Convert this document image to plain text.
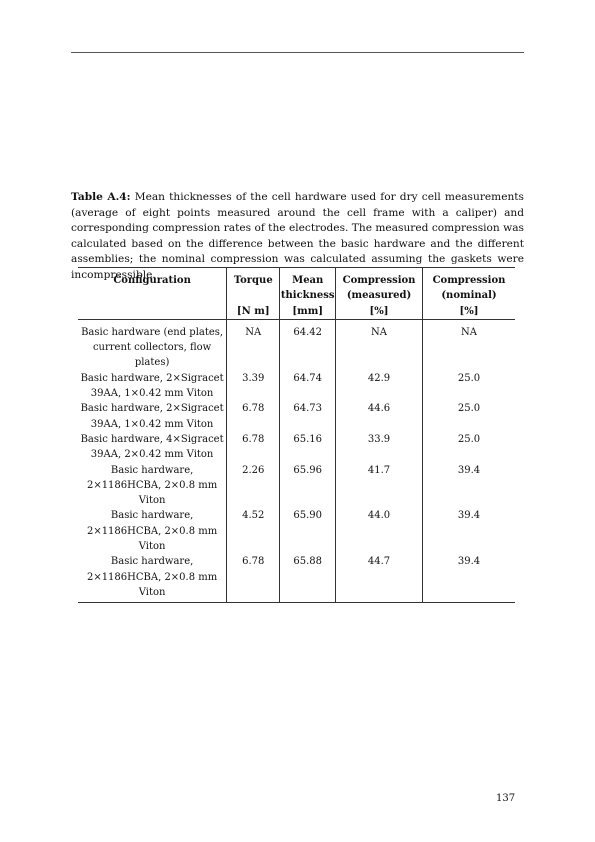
Table A.4: Mean thicknesses of the cell hardware used for dry cell measurements (average of eight points measured around the cell frame with a caliper) and corresponding compression rates of the electrodes. The measured compression was calculated based on the difference between the basic hardware and the different assemblies; the nominal compression was calculated assuming the gaskets were incompressible.
Configuration	Torque	Mean thickness	Compression (measured)	Compression (nominal)
	[N m]	[mm]	[%]	[%]
Basic hardware (end plates, current collectors, flow plates)	NA	64.42	NA	NA
Basic hardware, 2×Sigracet 39AA, 1×0.42 mm Viton	3.39	64.74	42.9	25.0
Basic hardware, 2×Sigracet 39AA, 1×0.42 mm Viton	6.78	64.73	44.6	25.0
Basic hardware, 4×Sigracet 39AA, 2×0.42 mm Viton	6.78	65.16	33.9	25.0
Basic hardware, 2×1186HCBA, 2×0.8 mm Viton	2.26	65.96	41.7	39.4
Basic hardware, 2×1186HCBA, 2×0.8 mm Viton	4.52	65.90	44.0	39.4
Basic hardware, 2×1186HCBA, 2×0.8 mm Viton	6.78	65.88	44.7	39.4
137
